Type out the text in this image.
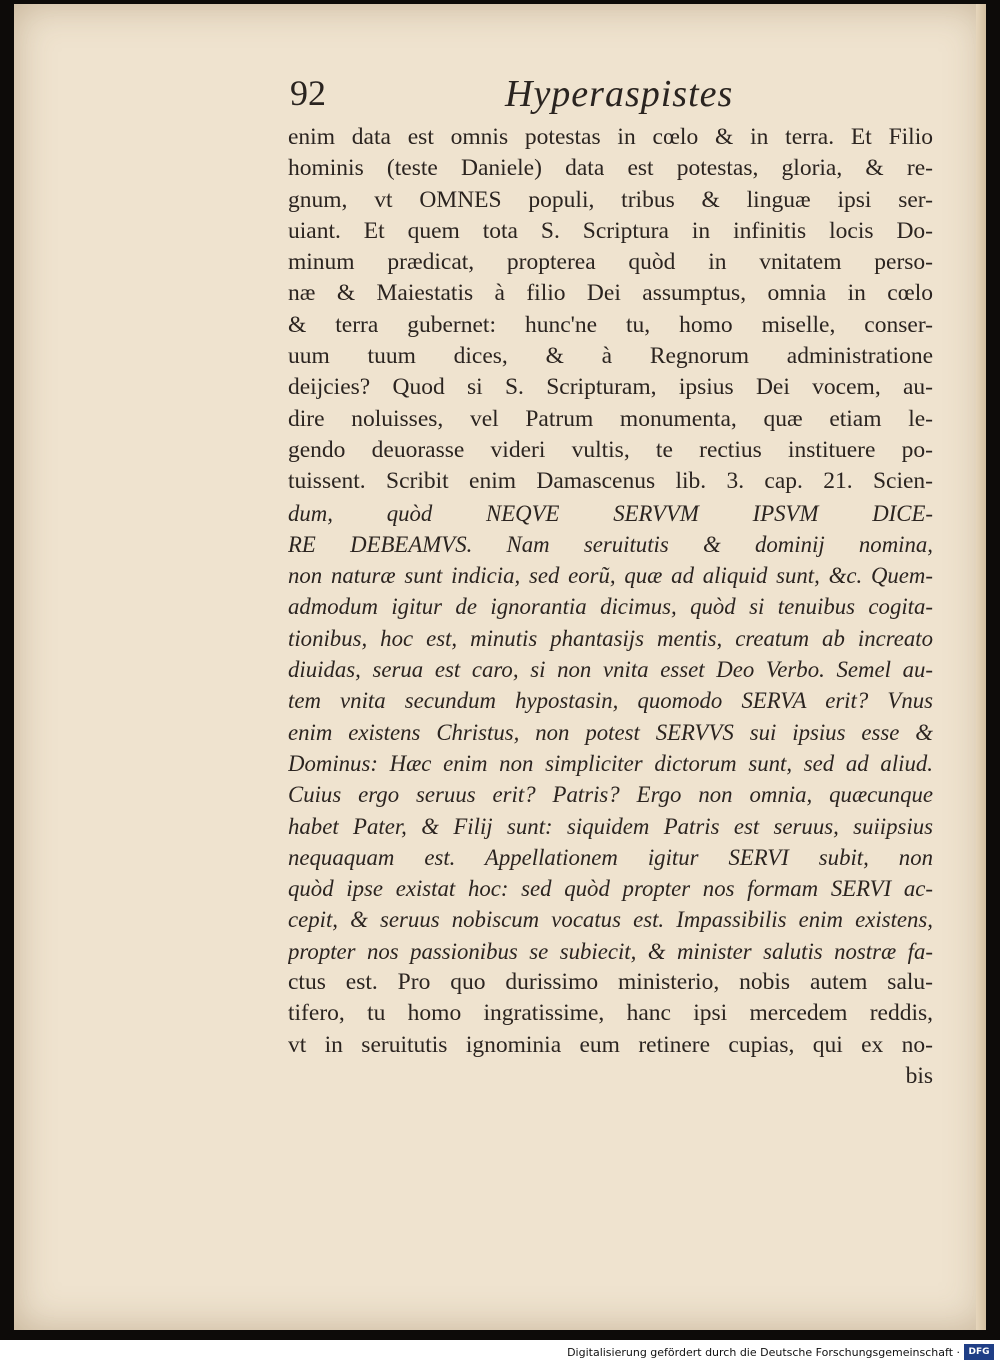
92	Hyperaspistes
enim data est omnis potestas in cœlo & in terra. Et Filio
hominis (teste Daniele) data est potestas, gloria, & re-
gnum, vt OMNES populi, tribus & linguæ ipsi ser-
uiant. Et quem tota S. Scriptura in infinitis locis Do-
minum prædicat, propterea quòd in vnitatem perso-
næ & Maiestatis à filio Dei assumptus, omnia in cœlo
& terra gubernet: hunc'ne tu, homo misellе, conser-
uum tuum dices, & à Regnorum administratione
deijcies? Quod si S. Scripturam, ipsius Dei vocem, au-
dire noluisses, vel Patrum monumenta, quæ etiam le-
gendo deuorasse videri vultis, te rectius instituere po-
tuissent. Scribit enim Damascenus lib. 3. cap. 21. Scien-
dum, quòd NEQVE SERVVM IPSVM DICE-
RE DEBEAMVS. Nam seruitutis & dominij nomina,
non naturæ sunt indicia, sed eorũ, quæ ad aliquid sunt, &c. Quem-
admodum igitur de ignorantia dicimus, quòd si tenuibus cogita-
tionibus, hoc est, minutis phantasijs mentis, creatum ab increato
diuidas, serua est caro, si non vnita esset Deo Verbo. Semel au-
tem vnita secundum hypostasin, quomodo SERVA erit? Vnus
enim existens Christus, non potest SERVVS sui ipsius esse &
Dominus: Hæc enim non simpliciter dictorum sunt, sed ad aliud.
Cuius ergo seruus erit? Patris? Ergo non omnia, quæcunque
habet Pater, & Filij sunt: siquidem Patris est seruus, suiipsius
nequaquam est. Appellationem igitur SERVI subit, non
quòd ipse existat hoc: sed quòd propter nos formam SERVI ac-
cepit, & seruus nobiscum vocatus est. Impassibilis enim existens,
propter nos passionibus se subiecit, & minister salutis nostræ fa-
ctus est. Pro quo durissimo ministerio, nobis autem salu-
tifero, tu homo ingratissime, hanc ipsi mercedem reddis,
vt in seruitutis ignominia eum retinere cupias, qui ex no-
bis
Digitalisierung gefördert durch die Deutsche Forschungsgemeinschaft · DFG
